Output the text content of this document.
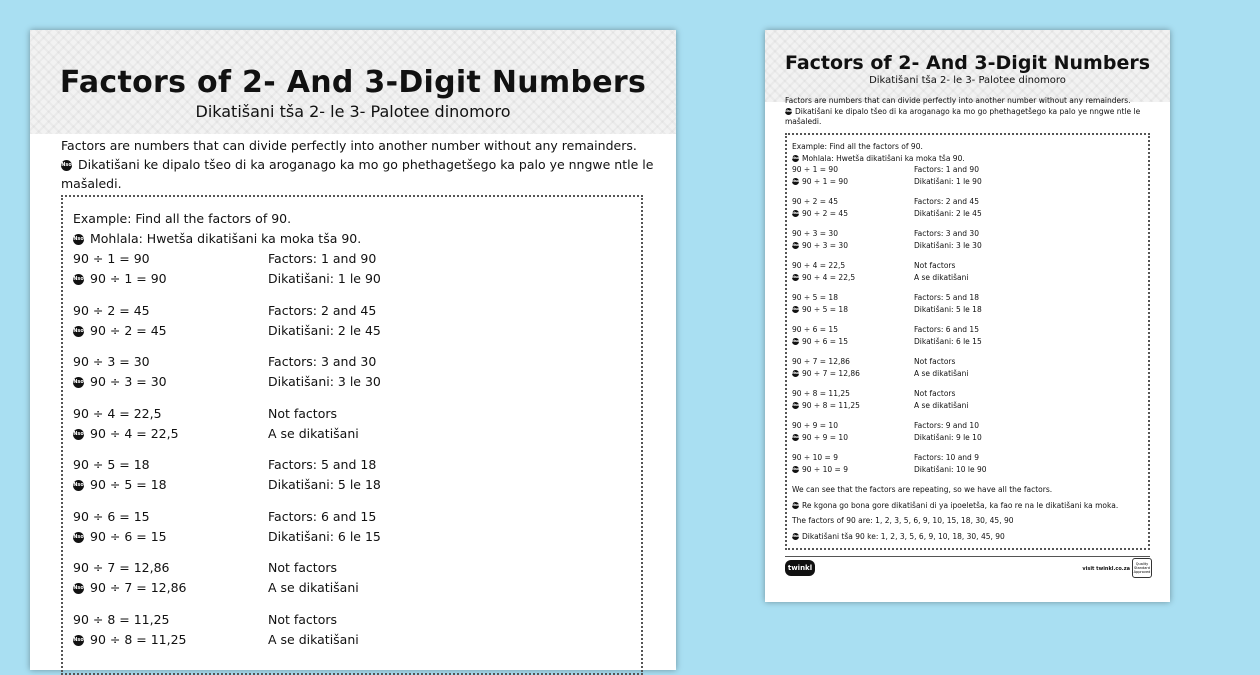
Factors of 2- And 3-Digit Numbers
Dikatišani tša 2- le 3- Palotee dinomoro
Factors are numbers that can divide perfectly into another number without any remainders.
Nso Dikatišani ke dipalo tšeo di ka aroganago ka mo go phethagetšego ka palo ye nngwe ntle le mašaledi.
Example: Find all the factors of 90.
Nso Mohlala: Hwetša dikatišani ka moka tša 90.
90 ÷ 1 = 90	Factors: 1 and 90
Nso 90 ÷ 1 = 90	Dikatišani: 1 le 90
90 ÷ 2 = 45	Factors: 2 and 45
Nso 90 ÷ 2 = 45	Dikatišani: 2 le 45
90 ÷ 3 = 30	Factors: 3 and 30
Nso 90 ÷ 3 = 30	Dikatišani: 3 le 30
90 ÷ 4 = 22,5	Not factors
Nso 90 ÷ 4 = 22,5	A se dikatišani
90 ÷ 5 = 18	Factors: 5 and 18
Nso 90 ÷ 5 = 18	Dikatišani: 5 le 18
90 ÷ 6 = 15	Factors: 6 and 15
Nso 90 ÷ 6 = 15	Dikatišani: 6 le 15
90 ÷ 7 = 12,86	Not factors
Nso 90 ÷ 7 = 12,86	A se dikatišani
90 ÷ 8 = 11,25	Not factors
Nso 90 ÷ 8 = 11,25	A se dikatišani
Factors of 2- And 3-Digit Numbers
Dikatišani tša 2- le 3- Palotee dinomoro
Factors are numbers that can divide perfectly into another number without any remainders.
Nso Dikatišani ke dipalo tšeo di ka aroganago ka mo go phethagetšego ka palo ye nngwe ntle le mašaledi.
Example: Find all the factors of 90.
Nso Mohlala: Hwetša dikatišani ka moka tša 90.
90 ÷ 1 = 90	Factors: 1 and 90
Nso 90 ÷ 1 = 90	Dikatišani: 1 le 90
90 ÷ 2 = 45	Factors: 2 and 45
Nso 90 ÷ 2 = 45	Dikatišani: 2 le 45
90 ÷ 3 = 30	Factors: 3 and 30
Nso 90 ÷ 3 = 30	Dikatišani: 3 le 30
90 ÷ 4 = 22,5	Not factors
Nso 90 ÷ 4 = 22,5	A se dikatišani
90 ÷ 5 = 18	Factors: 5 and 18
Nso 90 ÷ 5 = 18	Dikatišani: 5 le 18
90 ÷ 6 = 15	Factors: 6 and 15
Nso 90 ÷ 6 = 15	Dikatišani: 6 le 15
90 ÷ 7 = 12,86	Not factors
Nso 90 ÷ 7 = 12,86	A se dikatišani
90 ÷ 8 = 11,25	Not factors
Nso 90 ÷ 8 = 11,25	A se dikatišani
90 ÷ 9 = 10	Factors: 9 and 10
Nso 90 ÷ 9 = 10	Dikatišani: 9 le 10
90 ÷ 10 = 9	Factors: 10 and 9
Nso 90 ÷ 10 = 9	Dikatišani: 10 le 90
We can see that the factors are repeating, so we have all the factors.
Nso Re kgona go bona gore dikatišani di ya ipoeletša, ka fao re na le dikatišani ka moka.
The factors of 90 are: 1, 2, 3, 5, 6, 9, 10, 15, 18, 30, 45, 90
Nso Dikatišani tša 90 ke: 1, 2, 3, 5, 6, 9, 10, 18, 30, 45, 90
twinkl	visit twinkl.co.za
Quality Standard Approved
